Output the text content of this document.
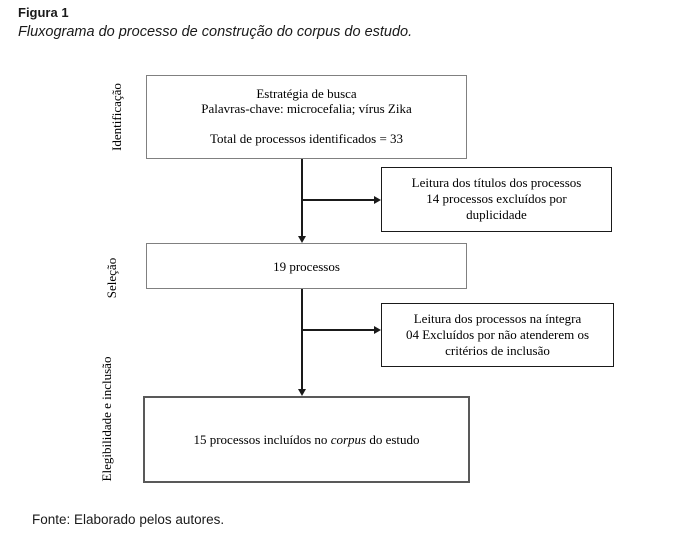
Figura 1
Fluxograma do processo de construção do corpus do estudo.
Identificação
Seleção
Elegibilidade e inclusão
Estratégia de busca
Palavras-chave: microcefalia; vírus Zika
Total de processos identificados = 33
Leitura dos títulos dos processos
14 processos excluídos por
duplicidade
19 processos
Leitura dos processos na íntegra
04 Excluídos por não atenderem os
critérios de inclusão
15 processos incluídos no corpus do estudo
Fonte: Elaborado pelos autores.
